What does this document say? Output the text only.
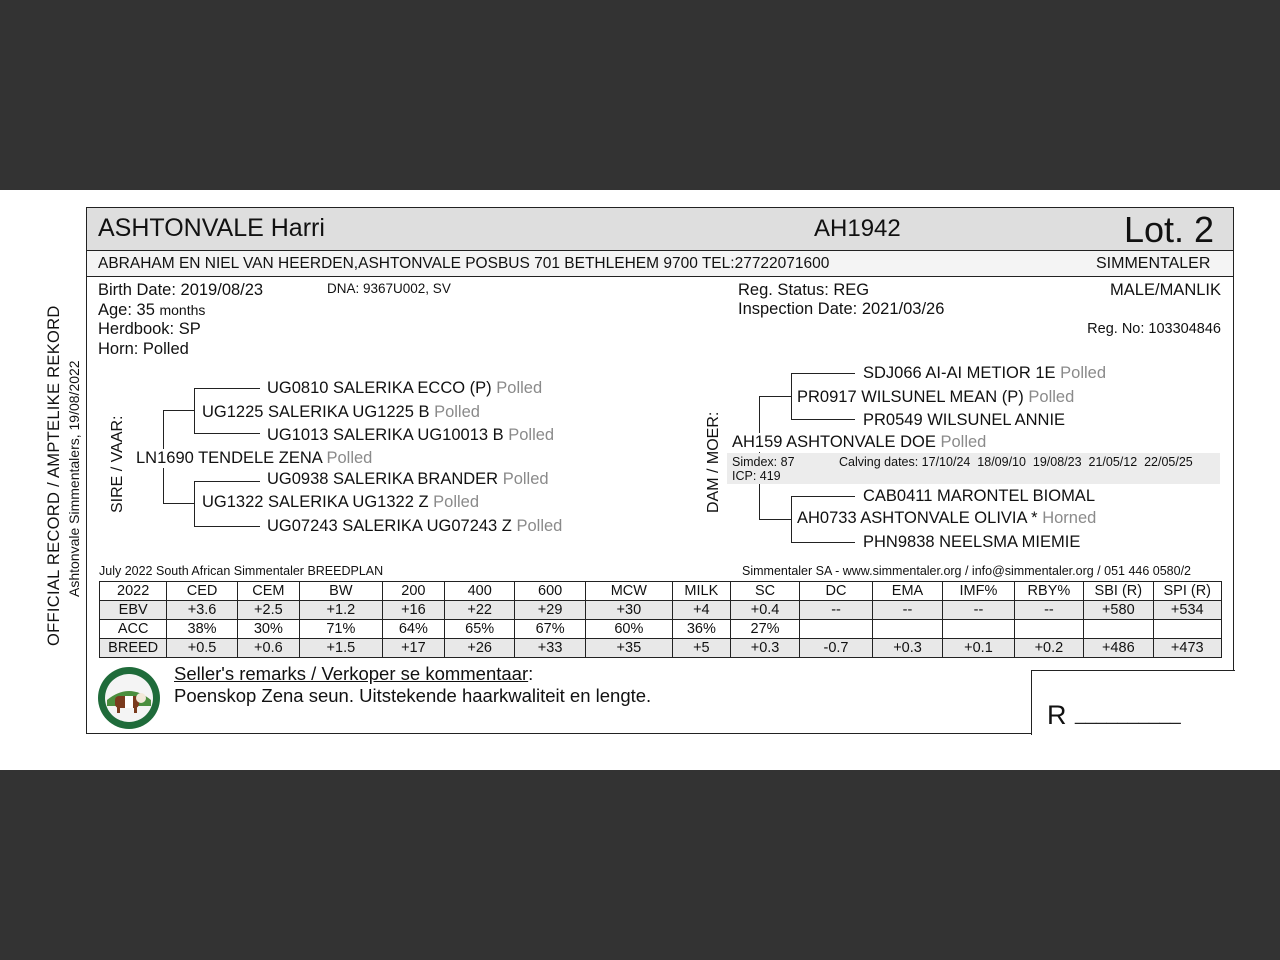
OFFICIAL RECORD / AMPTELIKE REKORD Ashtonvale Simmentalers, 19/08/2022
ASHTONVALE Harri	AH1942	Lot. 2
ABRAHAM EN NIEL VAN HEERDEN,ASHTONVALE POSBUS 701 BETHLEHEM 9700 TEL:27722071600	SIMMENTALER
Birth Date: 2019/08/23	DNA: 9367U002, SV
Age: 35 months
Herdbook: SP
Horn: Polled
Reg. Status: REG
Inspection Date: 2021/03/26
MALE/MANLIK
Reg. No: 103304846
SIRE / VAAR:
UG0810 SALERIKA ECCO (P) Polled
UG1225 SALERIKA UG1225 B Polled
UG1013 SALERIKA UG10013 B Polled
LN1690 TENDELE ZENA Polled
UG0938 SALERIKA BRANDER Polled
UG1322 SALERIKA UG1322 Z Polled
UG07243 SALERIKA UG07243 Z Polled
DAM / MOER:
SDJ066 AI-AI METIOR 1E Polled
PR0917 WILSUNEL MEAN (P) Polled
PR0549 WILSUNEL ANNIE
AH159 ASHTONVALE DOE Polled
Simdex: 87	Calving dates: 17/10/24  18/09/10  19/08/23  21/05/12  22/05/25
ICP: 419
CAB0411 MARONTEL BIOMAL
AH0733 ASHTONVALE OLIVIA * Horned
PHN9838 NEELSMA MIEMIE
July 2022 South African Simmentaler BREEDPLAN	Simmentaler SA - www.simmentaler.org / info@simmentaler.org / 051 446 0580/2
2022	CED	CEM	BW	200	400	600	MCW	MILK	SC	DC	EMA	IMF%	RBY%	SBI (R)	SPI (R)
EBV	+3.6	+2.5	+1.2	+16	+22	+29	+30	+4	+0.4	--	--	--	--	+580	+534
ACC	38%	30%	71%	64%	65%	67%	60%	36%	27%						
BREED	+0.5	+0.6	+1.5	+17	+26	+33	+35	+5	+0.3	-0.7	+0.3	+0.1	+0.2	+486	+473
Seller's remarks / Verkoper se kommentaar:
Poenskop Zena seun. Uitstekende haarkwaliteit en lengte.
R __________
